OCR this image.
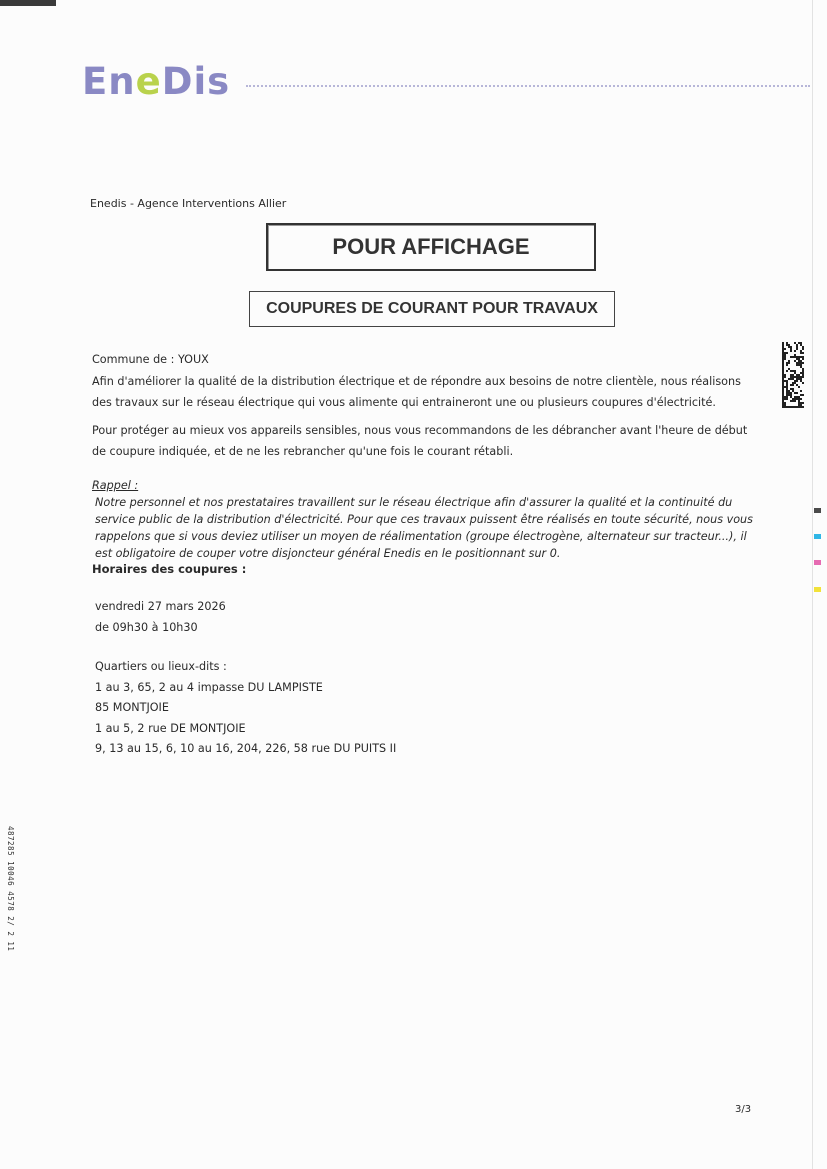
EneDis
Enedis - Agence Interventions Allier
POUR AFFICHAGE
COUPURES DE COURANT POUR TRAVAUX
Commune de : YOUX
Afin d'améliorer la qualité de la distribution électrique et de répondre aux besoins de notre clientèle, nous réalisons des travaux sur le réseau électrique qui vous alimente qui entraineront une ou plusieurs coupures d'électricité.
Pour protéger au mieux vos appareils sensibles, nous vous recommandons de les débrancher avant l'heure de début de coupure indiquée, et de ne les rebrancher qu'une fois le courant rétabli.
Rappel :
Notre personnel et nos prestataires travaillent sur le réseau électrique afin d'assurer la qualité et la continuité du service public de la distribution d'électricité. Pour que ces travaux puissent être réalisés en toute sécurité, nous vous rappelons que si vous deviez utiliser un moyen de réalimentation (groupe électrogène, alternateur sur tracteur...), il est obligatoire de couper votre disjoncteur général Enedis en le positionnant sur 0.
Horaires des coupures :
vendredi 27 mars 2026
de 09h30 à 10h30
Quartiers ou lieux-dits :
1 au 3, 65, 2 au 4 impasse DU LAMPISTE
85 MONTJOIE
1 au 5, 2 rue DE MONTJOIE
9, 13 au 15, 6, 10 au 16, 204, 226, 58 rue DU PUITS II
487285 10046 4578 2/ 2 11
3/3
